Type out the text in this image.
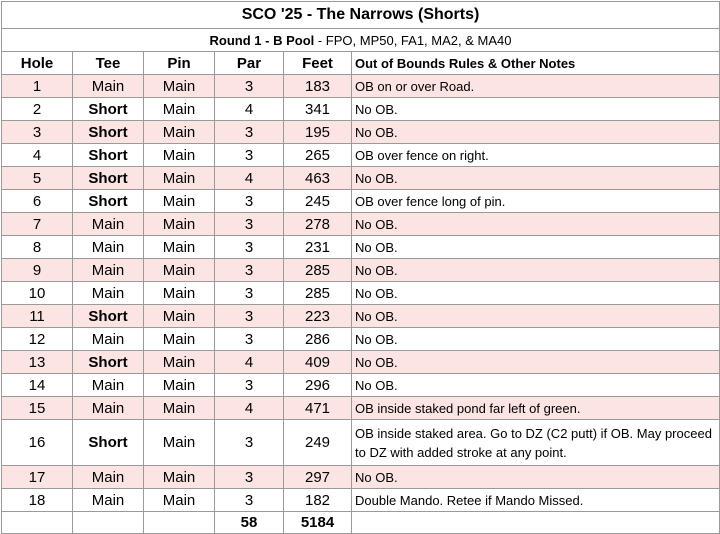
SCO '25 - The Narrows (Shorts)					
Round 1 - B Pool - FPO, MP50, FA1, MA2, & MA40					
Hole	Tee	Pin	Par	Feet	Out of Bounds Rules & Other Notes
1	Main	Main	3	183	OB on or over Road.
2	Short	Main	4	341	No OB.
3	Short	Main	3	195	No OB.
4	Short	Main	3	265	OB over fence on right.
5	Short	Main	4	463	No OB.
6	Short	Main	3	245	OB over fence long of pin.
7	Main	Main	3	278	No OB.
8	Main	Main	3	231	No OB.
9	Main	Main	3	285	No OB.
10	Main	Main	3	285	No OB.
11	Short	Main	3	223	No OB.
12	Main	Main	3	286	No OB.
13	Short	Main	4	409	No OB.
14	Main	Main	3	296	No OB.
15	Main	Main	4	471	OB inside staked pond far left of green.
16	Short	Main	3	249	OB inside staked area. Go to DZ (C2 putt) if OB. May proceed to DZ with added stroke at any point.
17	Main	Main	3	297	No OB.
18	Main	Main	3	182	Double Mando. Retee if Mando Missed.
			58	5184	
